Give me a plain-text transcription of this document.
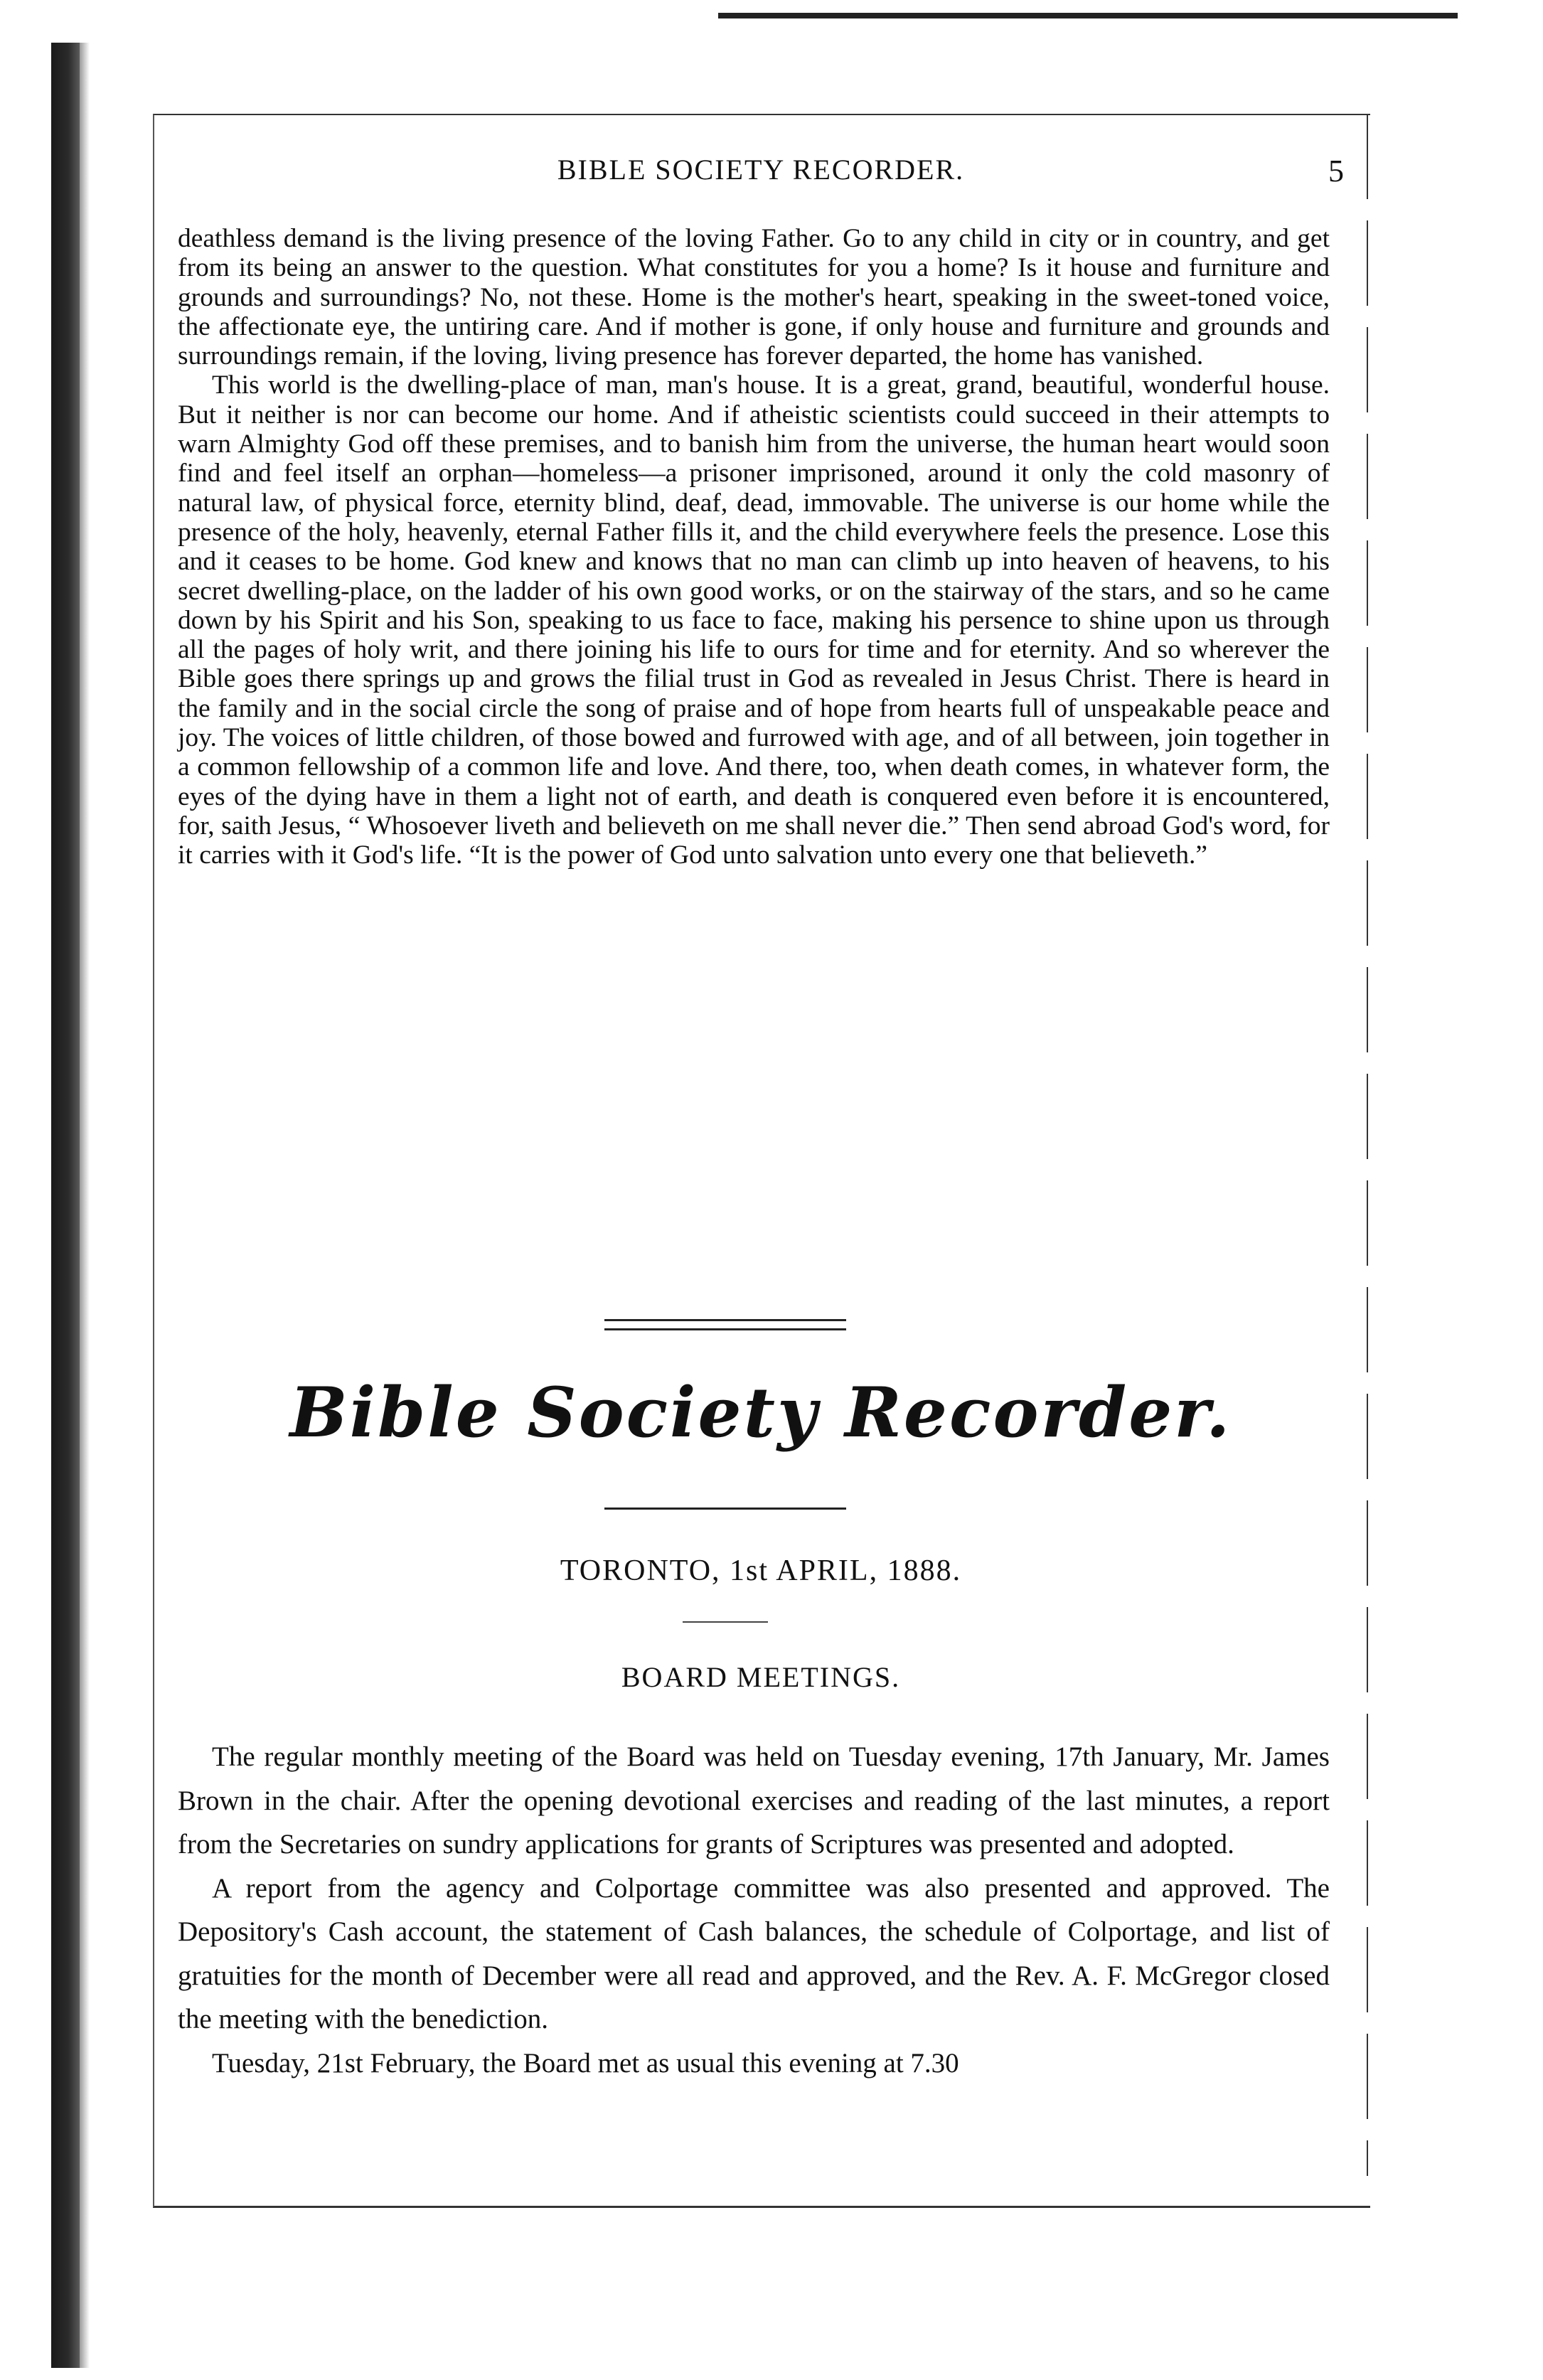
BIBLE SOCIETY RECORDER.	5

deathless demand is the living presence of the loving Father. Go to any child in city or in country, and get from its being an answer to the question. What constitutes for you a home? Is it house and furniture and grounds and surroundings? No, not these. Home is the mother's heart, speaking in the sweet-toned voice, the affectionate eye, the untiring care. And if mother is gone, if only house and furniture and grounds and surroundings remain, if the loving, living presence has forever departed, the home has vanished.

This world is the dwelling-place of man, man's house. It is a great, grand, beautiful, wonderful house. But it neither is nor can become our home. And if atheistic scientists could succeed in their attempts to warn Almighty God off these premises, and to banish him from the universe, the human heart would soon find and feel itself an orphan—homeless—a prisoner imprisoned, around it only the cold masonry of natural law, of physical force, eternity blind, deaf, dead, immovable. The universe is our home while the presence of the holy, heavenly, eternal Father fills it, and the child everywhere feels the presence. Lose this and it ceases to be home. God knew and knows that no man can climb up into heaven of heavens, to his secret dwelling-place, on the ladder of his own good works, or on the stairway of the stars, and so he came down by his Spirit and his Son, speaking to us face to face, making his persence to shine upon us through all the pages of holy writ, and there joining his life to ours for time and for eternity. And so wherever the Bible goes there springs up and grows the filial trust in God as revealed in Jesus Christ. There is heard in the family and in the social circle the song of praise and of hope from hearts full of unspeakable peace and joy. The voices of little children, of those bowed and furrowed with age, and of all between, join together in a common fellowship of a common life and love. And there, too, when death comes, in whatever form, the eyes of the dying have in them a light not of earth, and death is conquered even before it is encountered, for, saith Jesus, “ Whosoever liveth and believeth on me shall never die.” Then send abroad God's word, for it carries with it God's life. “It is the power of God unto salvation unto every one that believeth.”

Bible Society Recorder.
TORONTO, 1st APRIL, 1888.
BOARD MEETINGS.

The regular monthly meeting of the Board was held on Tuesday evening, 17th January, Mr. James Brown in the chair. After the opening devotional exercises and reading of the last minutes, a report from the Secretaries on sundry applications for grants of Scriptures was presented and adopted.

A report from the agency and Colportage committee was also presented and approved. The Depository's Cash account, the statement of Cash balances, the schedule of Colportage, and list of gratuities for the month of December were all read and approved, and the Rev. A. F. McGregor closed the meeting with the benediction.

Tuesday, 21st February, the Board met as usual this evening at 7.30
